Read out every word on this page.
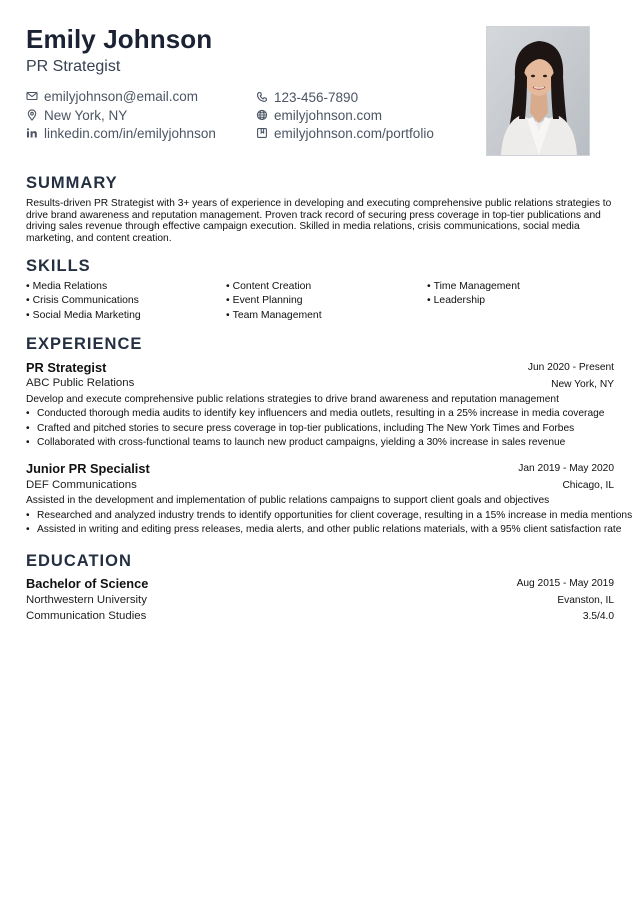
Emily Johnson
PR Strategist
emilyjohnson@email.com	123-456-7890
New York, NY	emilyjohnson.com
linkedin.com/in/emilyjohnson	emilyjohnson.com/portfolio
SUMMARY
Results-driven PR Strategist with 3+ years of experience in developing and executing comprehensive public relations strategies to drive brand awareness and reputation management. Proven track record of securing press coverage in top-tier publications and driving sales revenue through effective campaign execution. Skilled in media relations, crisis communications, social media marketing, and content creation.
SKILLS
• Media Relations	• Content Creation	• Time Management
• Crisis Communications	• Event Planning	• Leadership
• Social Media Marketing	• Team Management
EXPERIENCE
PR Strategist	Jun 2020 - Present
ABC Public Relations	New York, NY
Develop and execute comprehensive public relations strategies to drive brand awareness and reputation management
• Conducted thorough media audits to identify key influencers and media outlets, resulting in a 25% increase in media coverage
• Crafted and pitched stories to secure press coverage in top-tier publications, including The New York Times and Forbes
• Collaborated with cross-functional teams to launch new product campaigns, yielding a 30% increase in sales revenue
Junior PR Specialist	Jan 2019 - May 2020
DEF Communications	Chicago, IL
Assisted in the development and implementation of public relations campaigns to support client goals and objectives
• Researched and analyzed industry trends to identify opportunities for client coverage, resulting in a 15% increase in media mentions
• Assisted in writing and editing press releases, media alerts, and other public relations materials, with a 95% client satisfaction rate
EDUCATION
Bachelor of Science	Aug 2015 - May 2019
Northwestern University	Evanston, IL
Communication Studies	3.5/4.0
